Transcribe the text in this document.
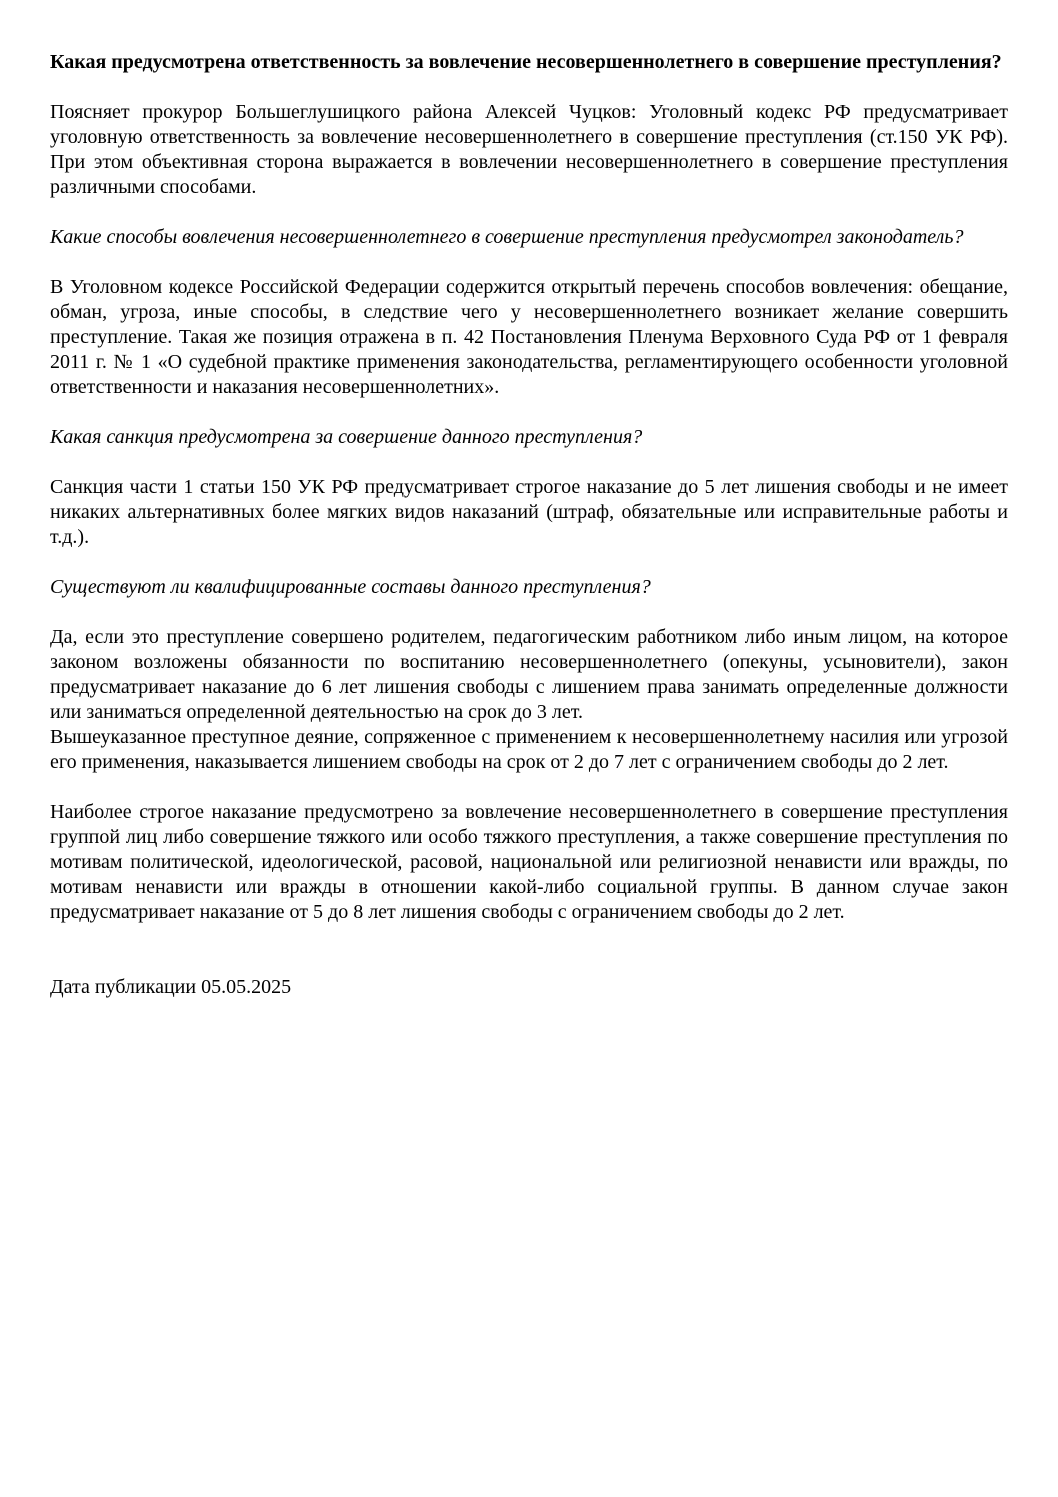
Какая предусмотрена ответственность за вовлечение несовершеннолетнего в совершение преступления?

Поясняет прокурор Большеглушицкого района Алексей Чуцков: Уголовный кодекс РФ предусматривает уголовную ответственность за вовлечение несовершеннолетнего в совершение преступления (ст.150 УК РФ). При этом объективная сторона выражается в вовлечении несовершеннолетнего в совершение преступления различными способами.

Какие способы вовлечения несовершеннолетнего в совершение преступления предусмотрел законодатель?

В Уголовном кодексе Российской Федерации содержится открытый перечень способов вовлечения: обещание, обман, угроза, иные способы, в следствие чего у несовершеннолетнего возникает желание совершить преступление. Такая же позиция отражена в п. 42 Постановления Пленума Верховного Суда РФ от 1 февраля 2011 г. № 1 «О судебной практике применения законодательства, регламентирующего особенности уголовной ответственности и наказания несовершеннолетних».

Какая санкция предусмотрена за совершение данного преступления?

Санкция части 1 статьи 150 УК РФ предусматривает строгое наказание до 5 лет лишения свободы и не имеет никаких альтернативных более мягких видов наказаний (штраф, обязательные или исправительные работы и т.д.).

Существуют ли квалифицированные составы данного преступления?

Да, если это преступление совершено родителем, педагогическим работником либо иным лицом, на которое законом возложены обязанности по воспитанию несовершеннолетнего (опекуны, усыновители), закон предусматривает наказание до 6 лет лишения свободы с лишением права занимать определенные должности или заниматься определенной деятельностью на срок до 3 лет.

Вышеуказанное преступное деяние, сопряженное с применением к несовершеннолетнему насилия или угрозой его применения, наказывается лишением свободы на срок от 2 до 7 лет с ограничением свободы до 2 лет.

Наиболее строгое наказание предусмотрено за вовлечение несовершеннолетнего в совершение преступления группой лиц либо совершение тяжкого или особо тяжкого преступления, а также совершение преступления по мотивам политической, идеологической, расовой, национальной или религиозной ненависти или вражды, по мотивам ненависти или вражды в отношении какой-либо социальной группы. В данном случае закон предусматривает наказание от 5 до 8 лет лишения свободы с ограничением свободы до 2 лет.

Дата публикации 05.05.2025
